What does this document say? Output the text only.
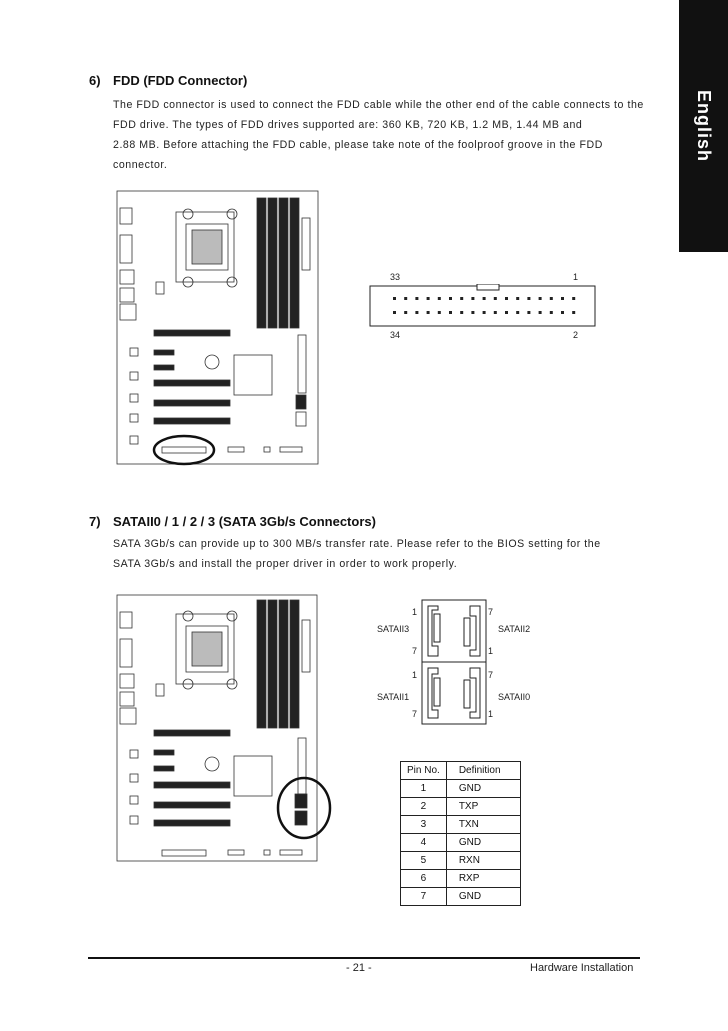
English
6) FDD (FDD Connector)
The FDD connector is used to connect the FDD cable while the other end of the cable connects to the
FDD drive. The types of FDD drives supported are: 360 KB, 720 KB, 1.2 MB, 1.44 MB and
2.88 MB. Before attaching the FDD cable, please take note of the foolproof groove in the FDD
connector.
33	1
34	2
7) SATAII0 / 1 / 2 / 3 (SATA 3Gb/s Connectors)
SATA 3Gb/s can provide up to 300 MB/s transfer rate. Please refer to the BIOS setting for the
SATA 3Gb/s and install the proper driver in order to work properly.
SATAII3	SATAII2
SATAII1	SATAII0
1	7
7	1
1	7
7	1
Pin No.	Definition
1	GND
2	TXP
3	TXN
4	GND
5	RXN
6	RXP
7	GND
- 21 -	Hardware Installation
